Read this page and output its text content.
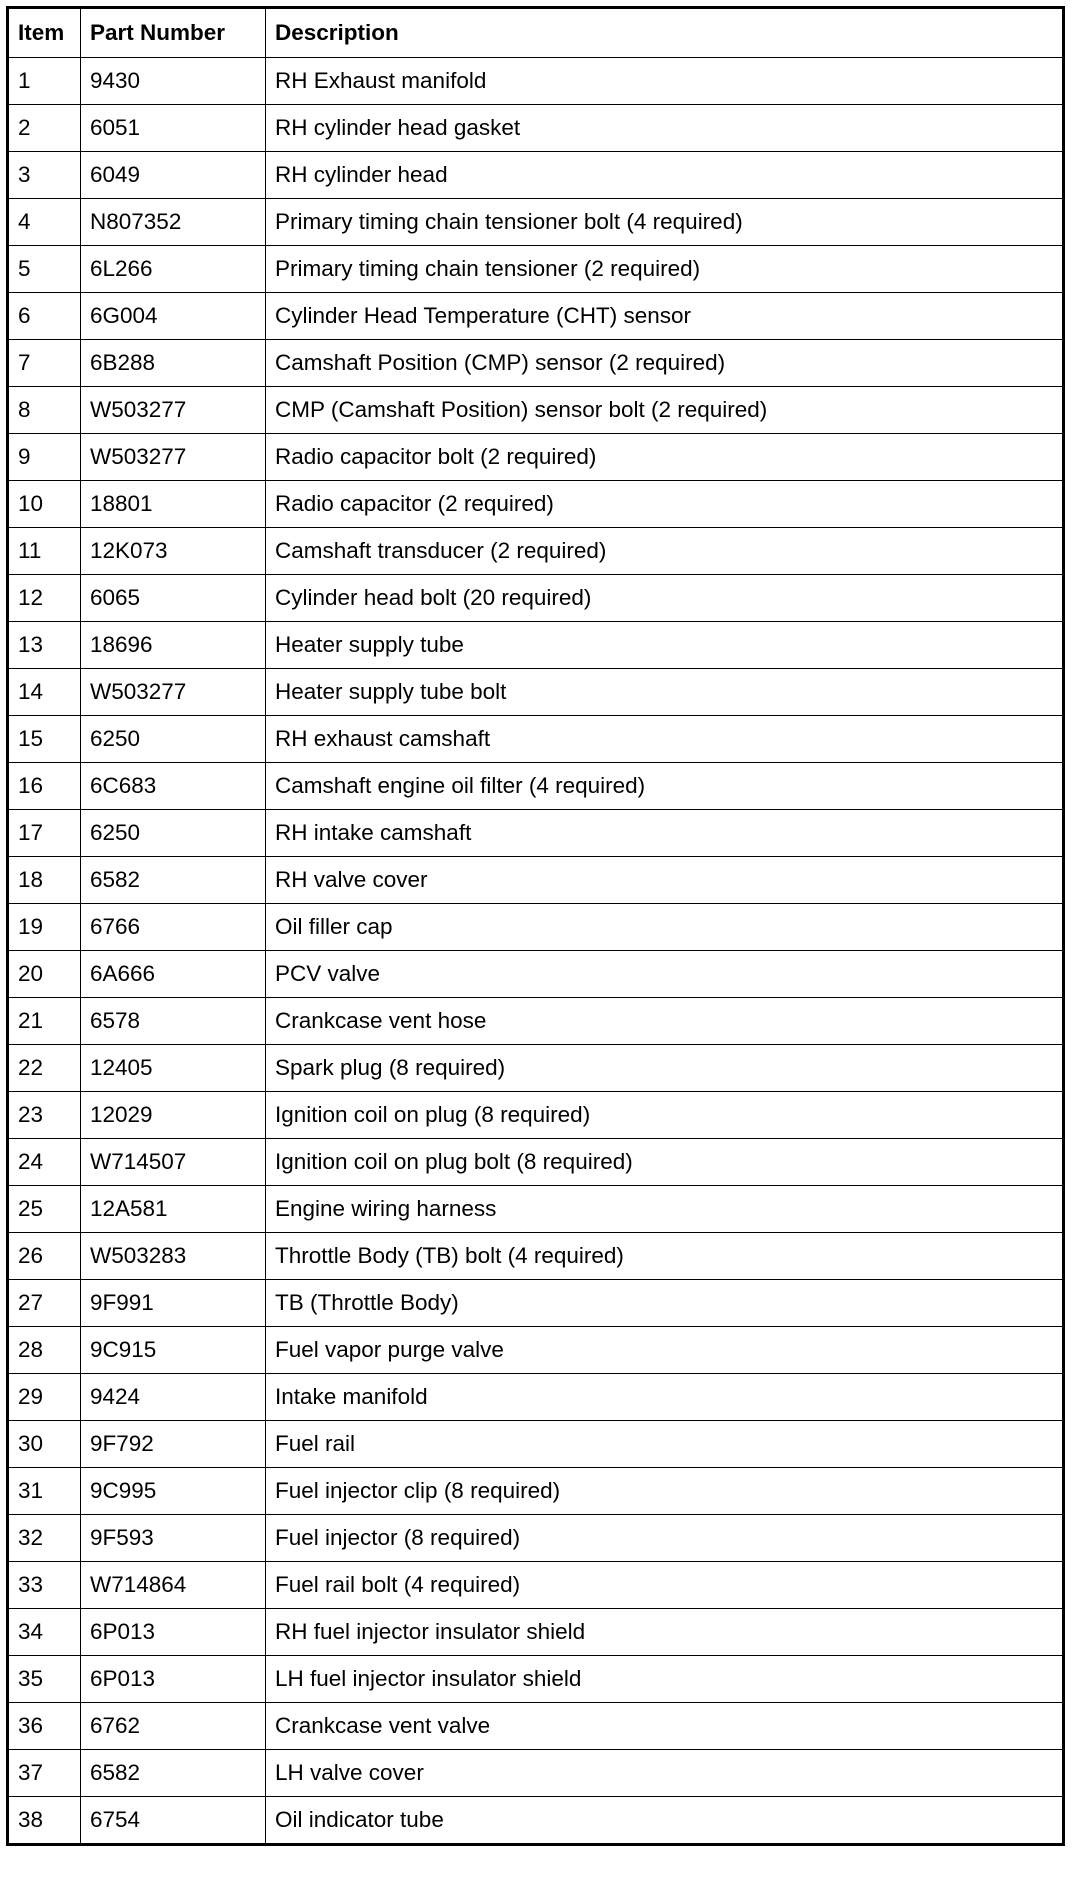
Item	Part Number	Description
1	9430	RH Exhaust manifold
2	6051	RH cylinder head gasket
3	6049	RH cylinder head
4	N807352	Primary timing chain tensioner bolt (4 required)
5	6L266	Primary timing chain tensioner (2 required)
6	6G004	Cylinder Head Temperature (CHT) sensor
7	6B288	Camshaft Position (CMP) sensor (2 required)
8	W503277	CMP (Camshaft Position) sensor bolt (2 required)
9	W503277	Radio capacitor bolt (2 required)
10	18801	Radio capacitor (2 required)
11	12K073	Camshaft transducer (2 required)
12	6065	Cylinder head bolt (20 required)
13	18696	Heater supply tube
14	W503277	Heater supply tube bolt
15	6250	RH exhaust camshaft
16	6C683	Camshaft engine oil filter (4 required)
17	6250	RH intake camshaft
18	6582	RH valve cover
19	6766	Oil filler cap
20	6A666	PCV valve
21	6578	Crankcase vent hose
22	12405	Spark plug (8 required)
23	12029	Ignition coil on plug (8 required)
24	W714507	Ignition coil on plug bolt (8 required)
25	12A581	Engine wiring harness
26	W503283	Throttle Body (TB) bolt (4 required)
27	9F991	TB (Throttle Body)
28	9C915	Fuel vapor purge valve
29	9424	Intake manifold
30	9F792	Fuel rail
31	9C995	Fuel injector clip (8 required)
32	9F593	Fuel injector (8 required)
33	W714864	Fuel rail bolt (4 required)
34	6P013	RH fuel injector insulator shield
35	6P013	LH fuel injector insulator shield
36	6762	Crankcase vent valve
37	6582	LH valve cover
38	6754	Oil indicator tube
